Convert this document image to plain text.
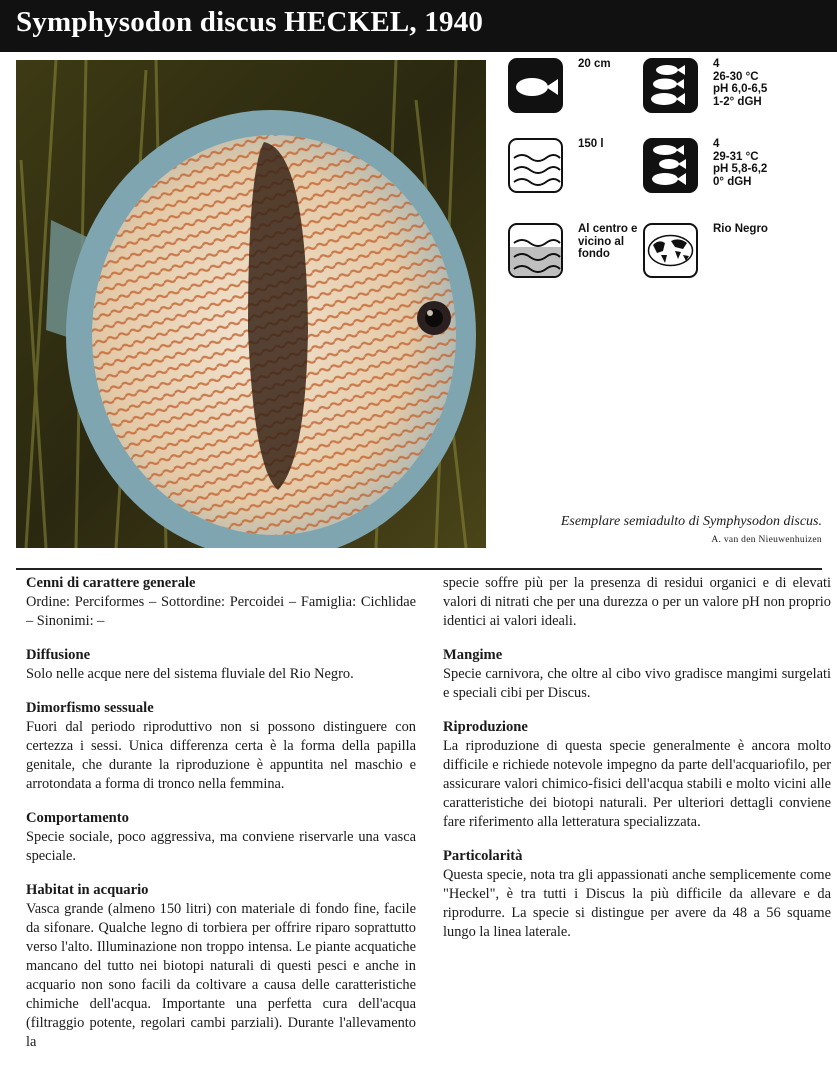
Symphysodon discus HECKEL, 1940
20 cm	4
26-30 °C
pH 6,0-6,5
1-2° dGH
150 l	4
29-31 °C
pH 5,8-6,2
0° dGH
Al centro e
vicino al
fondo
Rio Negro
Esemplare semiadulto di Symphysodon discus.
A. van den Nieuwenhuizen
Cenni di carattere generale

Ordine: Perciformes – Sottordine: Percoidei – Famiglia: Cichlidae – Sinonimi: –

Diffusione

Solo nelle acque nere del sistema fluviale del Rio Negro.

Dimorfismo sessuale

Fuori dal periodo riproduttivo non si possono distinguere con certezza i sessi. Unica differenza certa è la forma della papilla genitale, che durante la riproduzione è appuntita nel maschio e arrotondata a forma di tronco nella femmina.

Comportamento

Specie sociale, poco aggressiva, ma conviene riservarle una vasca speciale.

Habitat in acquario

Vasca grande (almeno 150 litri) con materiale di fondo fine, facile da sifonare. Qualche legno di torbiera per offrire riparo soprattutto verso l'alto. Illuminazione non troppo intensa. Le piante acquatiche mancano del tutto nei biotopi naturali di questi pesci e anche in acquario non sono facili da coltivare a causa delle caratteristiche chimiche dell'acqua. Importante una perfetta cura dell'acqua (filtraggio potente, regolari cambi parziali). Durante l'allevamento la

specie soffre più per la presenza di residui organici e di elevati valori di nitrati che per una durezza o per un valore pH non proprio identici ai valori ideali.

Mangime

Specie carnivora, che oltre al cibo vivo gradisce mangimi surgelati e speciali cibi per Discus.

Riproduzione

La riproduzione di questa specie generalmente è ancora molto difficile e richiede notevole impegno da parte dell'acquariofilo, per assicurare valori chimico-fisici dell'acqua stabili e molto vicini alle caratteristiche dei biotopi naturali. Per ulteriori dettagli conviene fare riferimento alla letteratura specializzata.

Particolarità

Questa specie, nota tra gli appassionati anche semplicemente come "Heckel", è tra tutti i Discus la più difficile da allevare e da riprodurre. La specie si distingue per avere da 48 a 56 squame lungo la linea laterale.
